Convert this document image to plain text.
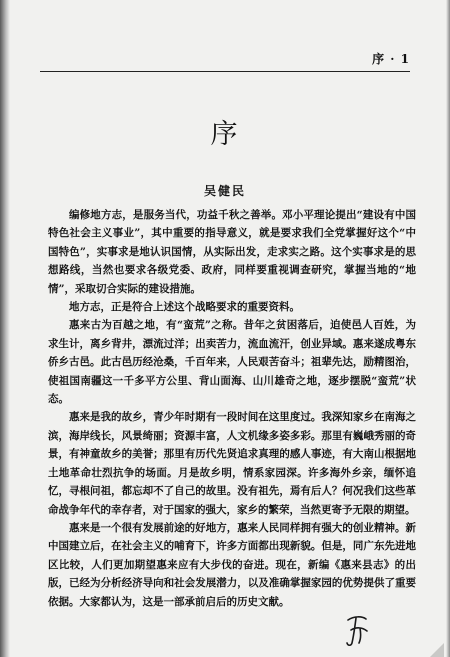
序 · 1
序
吴健民

编修地方志，是服务当代，功益千秋之善举。邓小平理论提出“建设有中国特色社会主义事业”，其中重要的指导意义，就是要求我们全党掌握好这个“中国特色”，实事求是地认识国情，从实际出发，走求实之路。这个实事求是的思想路线，当然也要求各级党委、政府，同样要重视调查研究，掌握当地的“地情”，采取切合实际的建设措施。

地方志，正是符合上述这个战略要求的重要资料。

惠来古为百越之地，有“蛮荒”之称。昔年之贫困落后，迫使邑人百姓，为求生计，离乡背井，漂流过洋；出卖苦力，流血流汗，创业异域。惠来遂成粤东侨乡古邑。此古邑历经沧桑，千百年来，人民艰苦奋斗；祖辈先达，励精图治，使祖国南疆这一千多平方公里、背山面海、山川雄奇之地，逐步摆脱“蛮荒”状态。

惠来是我的故乡，青少年时期有一段时间在这里度过。我深知家乡在南海之滨，海岸线长，风景绮丽；资源丰富，人文机缘多姿多彩。那里有巍峨秀丽的奇景，有神童故乡的美誉；那里有历代先贤追求真理的感人事迹，有大南山根据地土地革命壮烈抗争的场面。月是故乡明，情系家园深。许多海外乡亲，缅怀追忆，寻根问祖，都忘却不了自己的故里。没有祖先，焉有后人？何况我们这些革命战争年代的幸存者，对于国家的强大，家乡的繁荣，当然更寄予无限的期望。

惠来是一个很有发展前途的好地方，惠来人民同样拥有强大的创业精神。新中国建立后，在社会主义的哺育下，许多方面都出现新貌。但是，同广东先进地区比较，人们更加期望惠来应有大步伐的奋进。现在，新编《惠来县志》的出版，已经为分析经济导向和社会发展潜力，以及准确掌握家园的优势提供了重要依据。大家都认为，这是一部承前启后的历史文献。
